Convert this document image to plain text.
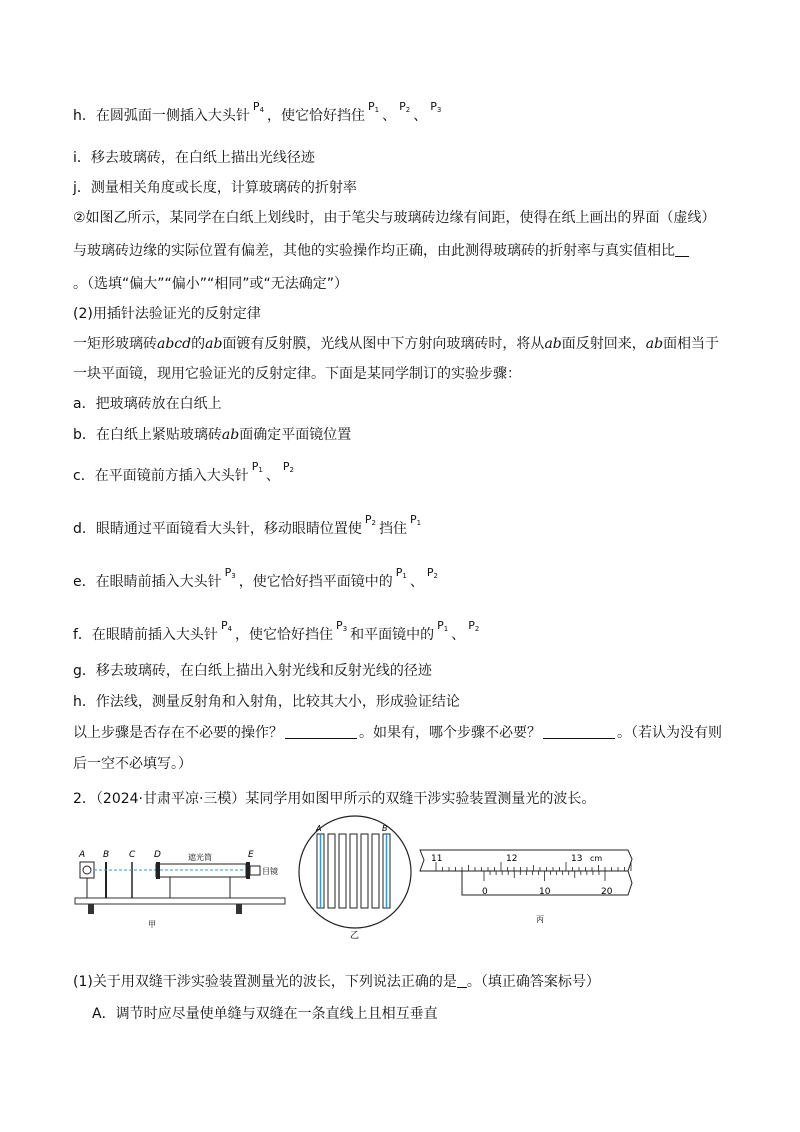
h．在圆弧面一侧插入大头针$P_4$ ，使它恰好挡住$P_1$ 、$P_2$ 、$P_3$
i．移去玻璃砖，在白纸上描出光线径迹
j．测量相关角度或长度，计算玻璃砖的折射率
②如图乙所示，某同学在白纸上划线时，由于笔尖与玻璃砖边缘有间距，使得在纸上画出的界面（虚线）
与玻璃砖边缘的实际位置有偏差，其他的实验操作均正确，由此测得玻璃砖的折射率与真实值相比
。（选填“偏大”“偏小”“相同”或“无法确定”）
(2)用插针法验证光的反射定律
一矩形玻璃砖abcd的ab面镀有反射膜，光线从图中下方射向玻璃砖时，将从ab面反射回来，ab面相当于
一块平面镜，现用它验证光的反射定律。下面是某同学制订的实验步骤：
a．把玻璃砖放在白纸上
b．在白纸上紧贴玻璃砖ab面确定平面镜位置
c．在平面镜前方插入大头针$P_1$ 、$P_2$
d．眼睛通过平面镜看大头针，移动眼睛位置使$P_2$ 挡住$P_1$
e．在眼睛前插入大头针$P_3$ ，使它恰好挡平面镜中的$P_1$ 、$P_2$
f．在眼睛前插入大头针$P_4$ ，使它恰好挡住$P_3$ 和平面镜中的$P_1$ 、$P_2$
g．移去玻璃砖，在白纸上描出入射光线和反射光线的径迹
h．作法线，测量反射角和入射角，比较其大小，形成验证结论
以上步骤是否存在不必要的操作？	。如果有，哪个步骤不必要？	。（若认为没有则
后一空不必填写。）
2．（2024·甘肃平凉·三模）某同学用如图甲所示的双缝干涉实验装置测量光的波长。
A B C D	遮光筒	E
目镜
甲
A	B
乙
11	12	13 cm
0	10	20
丙
(1)关于用双缝干涉实验装置测量光的波长，下列说法正确的是 。（填正确答案标号）
A．调节时应尽量使单缝与双缝在一条直线上且相互垂直
